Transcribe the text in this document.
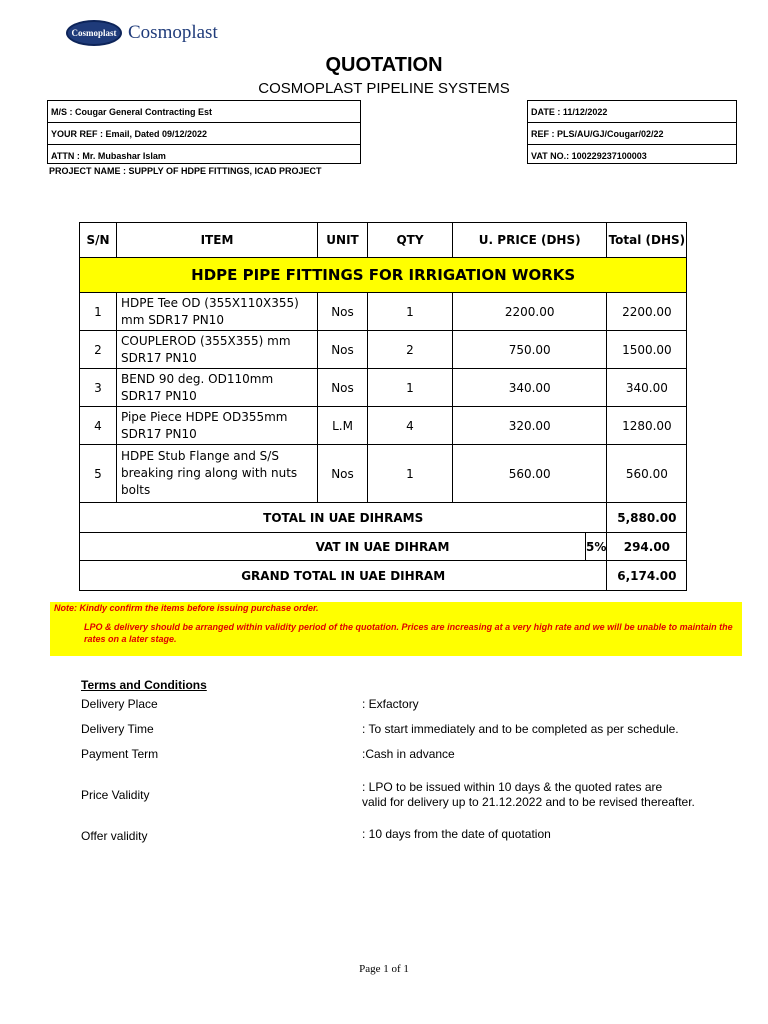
Cosmoplast Cosmoplast
QUOTATION
COSMOPLAST PIPELINE SYSTEMS
M/S : Cougar General Contracting Est
YOUR REF : Email, Dated 09/12/2022
ATTN : Mr. Mubashar Islam
DATE : 11/12/2022
REF : PLS/AU/GJ/Cougar/02/22
VAT NO.: 100229237100003
PROJECT NAME : SUPPLY OF HDPE FITTINGS, ICAD PROJECT
S/N	ITEM	UNIT	QTY	U. PRICE (DHS)		Total (DHS)
HDPE PIPE FITTINGS FOR IRRIGATION WORKS						
1	HDPE Tee OD (355X110X355)
mm SDR17 PN10	Nos	1	2200.00		2200.00
2	COUPLEROD (355X355) mm
SDR17 PN10	Nos	2	750.00		1500.00
3	BEND 90 deg. OD110mm
SDR17 PN10	Nos	1	340.00		340.00
4	Pipe Piece HDPE OD355mm
SDR17 PN10	L.M	4	320.00		1280.00
5	HDPE Stub Flange and S/S
breaking ring along with nuts
bolts	Nos	1	560.00		560.00
TOTAL IN UAE DIHRAMS						5,880.00
VAT IN UAE DIHRAM					5%	294.00
GRAND TOTAL IN UAE DIHRAM						6,174.00
Note: Kindly confirm the items before issuing purchase order.
LPO & delivery should be arranged within validity period of the quotation. Prices are increasing at a very high rate and we will be unable to maintain the rates on a later stage.
Terms and Conditions
Delivery Place	: Exfactory
Delivery Time	: To start immediately and to be completed as per schedule.
Payment Term	:Cash in advance
Price Validity
: LPO to be issued within 10 days & the quoted rates are
valid for delivery up to 21.12.2022 and to be revised thereafter.
Offer validity	: 10 days from the date of quotation
Page 1 of 1
